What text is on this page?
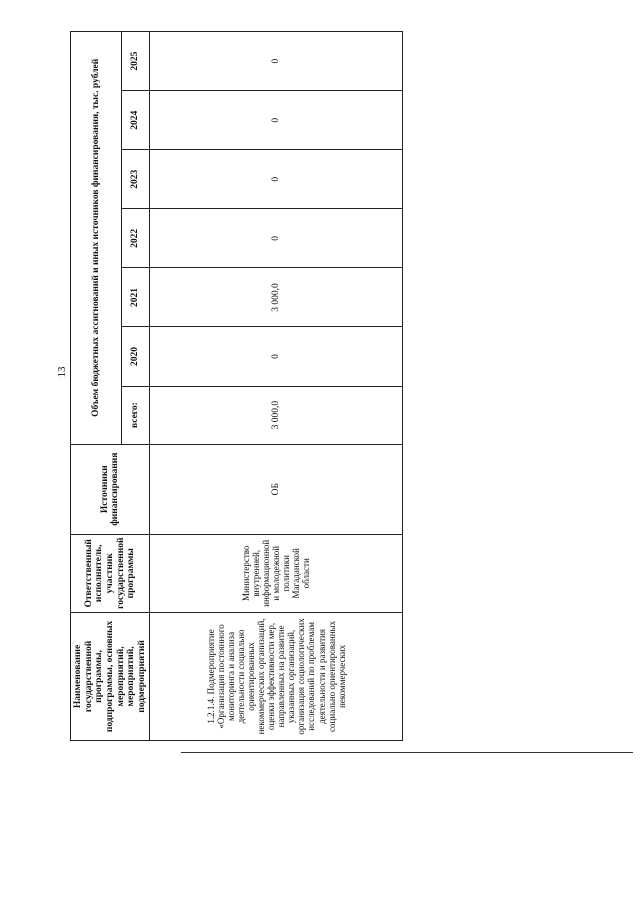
13
Наименование государственной программы, подпрограммы, основных мероприятий, мероприятий, подмероприятий	Ответственный исполнитель, участник государственной программы	Источники финансирования	Объем бюджетных ассигнований и иных источников финансирования, тыс. рублей						
			всего:	2020	2021	2022	2023	2024	2025
1.2.1.4. Подмероприятие «Организация постоянного мониторинга и анализа деятельности социально ориентированных некоммерческих организаций, оценки эффективности мер, направленных на развитие указанных организаций, организация социологических исследований по проблемам деятельности и развития социально ориентированных некоммерческих	Министерство внутренней, информационной и молодежной политики Магаданской области	ОБ	3 000,0	0	3 000,0	0	0	0	0
